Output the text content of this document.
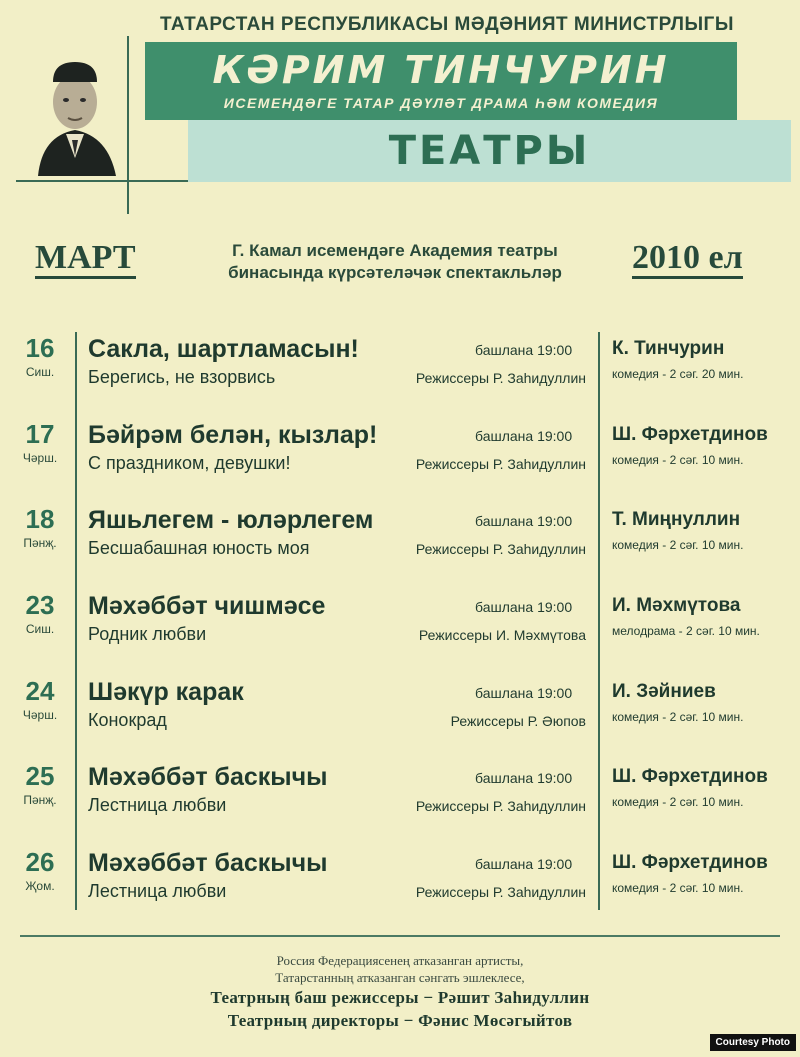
ТАТАРСТАН РЕСПУБЛИКАСЫ МӘДӘНИЯТ МИНИСТРЛЫГЫ
КӘРИМ ТИНЧУРИН
ИСЕМЕНДӘГЕ ТАТАР ДӘҮЛӘТ ДРАМА ҺӘМ КОМЕДИЯ
ТЕАТРЫ
МАРТ	Г. Камал исемендәге Академия театры
бинасында күрсәтеләчәк спектакльләр	2010 ел
16
Сиш.
Сакла, шартламасын!
Берегись, не взорвись
башлана 19:00
Режиссеры Р. Заһидуллин
К. Тинчурин
комедия - 2 сәг. 20 мин.
17
Чәрш.
Бәйрәм белән, кызлар!
С праздником, девушки!
башлана 19:00
Режиссеры Р. Заһидуллин
Ш. Фәрхетдинов
комедия - 2 сәг. 10 мин.
18
Пәнҗ.
Яшьлегем - юләрлегем
Бесшабашная юность моя
башлана 19:00
Режиссеры Р. Заһидуллин
Т. Миңнуллин
комедия - 2 сәг. 10 мин.
23
Сиш.
Мәхәббәт чишмәсе
Родник любви
башлана 19:00
Режиссеры И. Мәхмүтова
И. Мәхмүтова
мелодрама - 2 сәг. 10 мин.
24
Чәрш.
Шәкүр карак
Конокрад
башлана 19:00
Режиссеры Р. Әюпов
И. Зәйниев
комедия - 2 сәг. 10 мин.
25
Пәнҗ.
Мәхәббәт баскычы
Лестница любви
башлана 19:00
Режиссеры Р. Заһидуллин
Ш. Фәрхетдинов
комедия - 2 сәг. 10 мин.
26
Җом.
Мәхәббәт баскычы
Лестница любви
башлана 19:00
Режиссеры Р. Заһидуллин
Ш. Фәрхетдинов
комедия - 2 сәг. 10 мин.
Россия Федерациясенең атказанган артисты,
Татарстанның атказанган сәнгать эшлеклесе,
Театрның баш режиссеры − Рәшит Заһидуллин
Театрның директоры − Фәнис Мөсәгыйтов
Courtesy Photo
